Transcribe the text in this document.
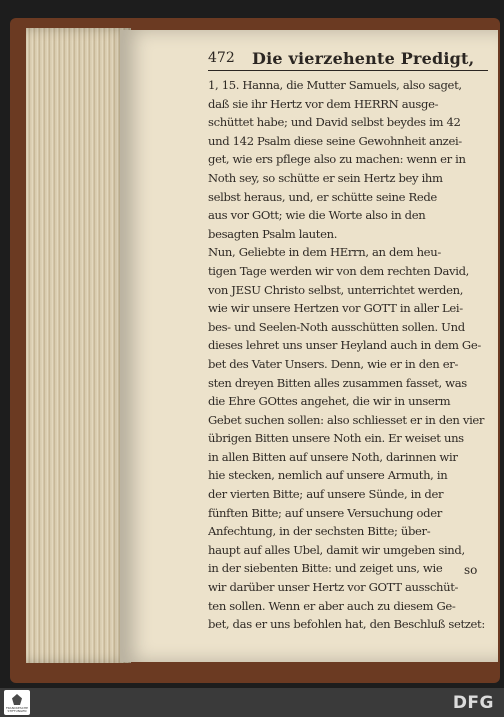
472 Die vierzehente Predigt,
1, 15. Hanna, die Mutter Samuels, also saget,
daß sie ihr Hertz vor dem HERRN ausge-
schüttet habe; und David selbst beydes im 42
und 142 Psalm diese seine Gewohnheit anzei-
get, wie ers pflege also zu machen: wenn er in
Noth sey, so schütte er sein Hertz bey ihm
selbst heraus, und, er schütte seine Rede
aus vor GOtt; wie die Worte also in den
besagten Psalm lauten.
Nun, Geliebte in dem HErrn, an dem heu-
tigen Tage werden wir von dem rechten David,
von JESU Christo selbst, unterrichtet werden,
wie wir unsere Hertzen vor GOTT in aller Lei-
bes- und Seelen-Noth ausschütten sollen. Und
dieses lehret uns unser Heyland auch in dem Ge-
bet des Vater Unsers. Denn, wie er in den er-
sten dreyen Bitten alles zusammen fasset, was
die Ehre GOttes angehet, die wir in unserm
Gebet suchen sollen: also schliesset er in den vier
übrigen Bitten unsere Noth ein. Er weiset uns
in allen Bitten auf unsere Noth, darinnen wir
hie stecken, nemlich auf unsere Armuth, in
der vierten Bitte; auf unsere Sünde, in der
fünften Bitte; auf unsere Versuchung oder
Anfechtung, in der sechsten Bitte; über-
haupt auf alles Ubel, damit wir umgeben sind,
in der siebenten Bitte: und zeiget uns, wie
wir darüber unser Hertz vor GOTT ausschüt-
ten sollen. Wenn er aber auch zu diesem Ge-
bet, das er uns befohlen hat, den Beschluß setzet:
so
FRANCKESCHE STIFTUNGEN	DFG
